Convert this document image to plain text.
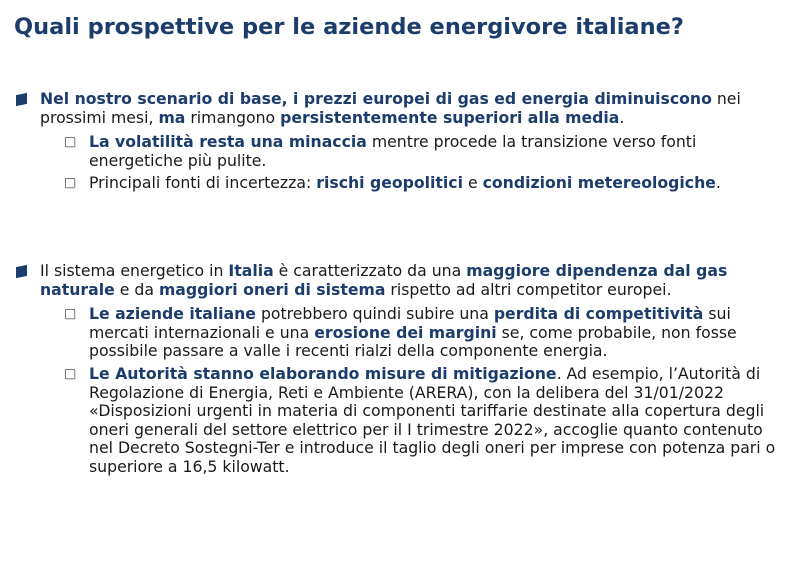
Quali prospettive per le aziende energivore italiane?
Nel nostro scenario di base, i prezzi europei di gas ed energia diminuiscono nei prossimi mesi, ma rimangono persistentemente superiori alla media.
La volatilità resta una minaccia mentre procede la transizione verso fonti energetiche più pulite.
Principali fonti di incertezza: rischi geopolitici e condizioni metereologiche.
Il sistema energetico in Italia è caratterizzato da una maggiore dipendenza dal gas naturale e da maggiori oneri di sistema rispetto ad altri competitor europei.
Le aziende italiane potrebbero quindi subire una perdita di competitività sui mercati internazionali e una erosione dei margini se, come probabile, non fosse possibile passare a valle i recenti rialzi della componente energia.
Le Autorità stanno elaborando misure di mitigazione. Ad esempio, l’Autorità di Regolazione di Energia, Reti e Ambiente (ARERA), con la delibera del 31/01/2022 «Disposizioni urgenti in materia di componenti tariffarie destinate alla copertura degli oneri generali del settore elettrico per il I trimestre 2022», accoglie quanto contenuto nel Decreto Sostegni-Ter e introduce il taglio degli oneri per imprese con potenza pari o superiore a 16,5 kilowatt.
